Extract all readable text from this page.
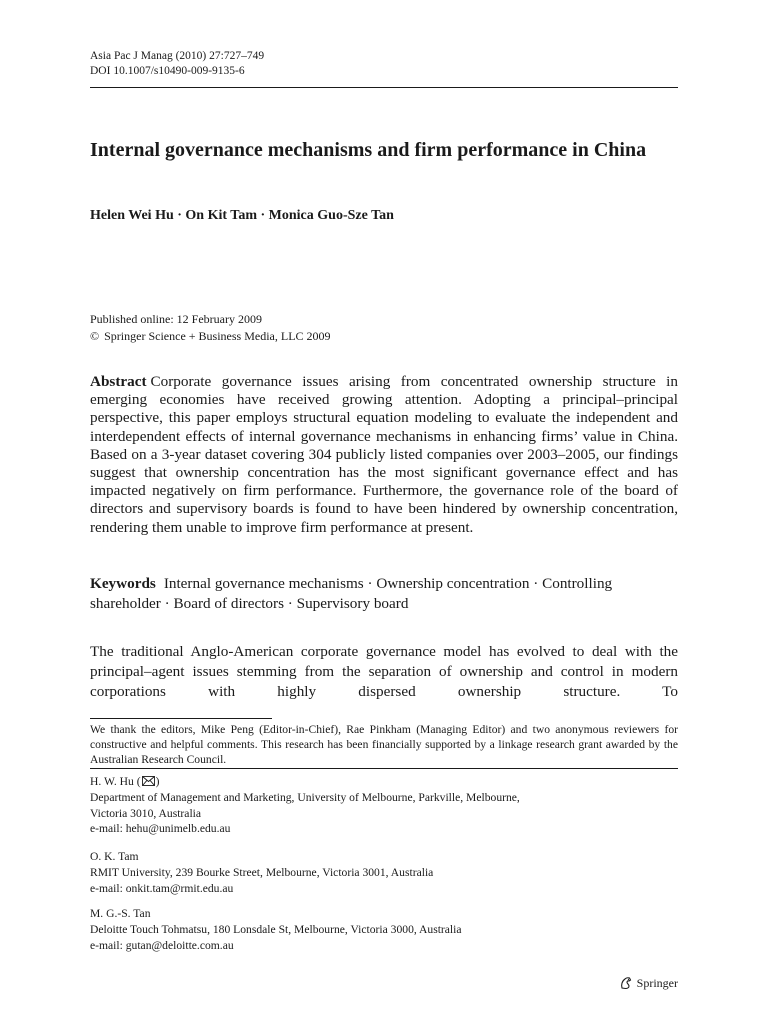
Asia Pac J Manag (2010) 27:727–749
DOI 10.1007/s10490-009-9135-6
Internal governance mechanisms and firm performance in China
Helen Wei Hu · On Kit Tam · Monica Guo-Sze Tan
Published online: 12 February 2009
© Springer Science + Business Media, LLC 2009

Abstract Corporate governance issues arising from concentrated ownership structure in emerging economies have received growing attention. Adopting a principal–principal perspective, this paper employs structural equation modeling to evaluate the independent and interdependent effects of internal governance mechanisms in enhancing firms’ value in China. Based on a 3-year dataset covering 304 publicly listed companies over 2003–2005, our findings suggest that ownership concentration has the most significant governance effect and has impacted negatively on firm performance. Furthermore, the governance role of the board of directors and supervisory boards is found to have been hindered by ownership concentration, rendering them unable to improve firm performance at present.

Keywords Internal governance mechanisms · Ownership concentration · Controlling shareholder · Board of directors · Supervisory board

The traditional Anglo-American corporate governance model has evolved to deal with the principal–agent issues stemming from the separation of ownership and control in modern corporations with highly dispersed ownership structure. To

We thank the editors, Mike Peng (Editor-in-Chief), Rae Pinkham (Managing Editor) and two anonymous reviewers for constructive and helpful comments. This research has been financially supported by a linkage research grant awarded by the Australian Research Council.

H. W. Hu ( )
Department of Management and Marketing, University of Melbourne, Parkville, Melbourne,
Victoria 3010, Australia
e-mail: hehu@unimelb.edu.au
O. K. Tam
RMIT University, 239 Bourke Street, Melbourne, Victoria 3001, Australia
e-mail: onkit.tam@rmit.edu.au
M. G.-S. Tan
Deloitte Touch Tohmatsu, 180 Lonsdale St, Melbourne, Victoria 3000, Australia
e-mail: gutan@deloitte.com.au
Springer
